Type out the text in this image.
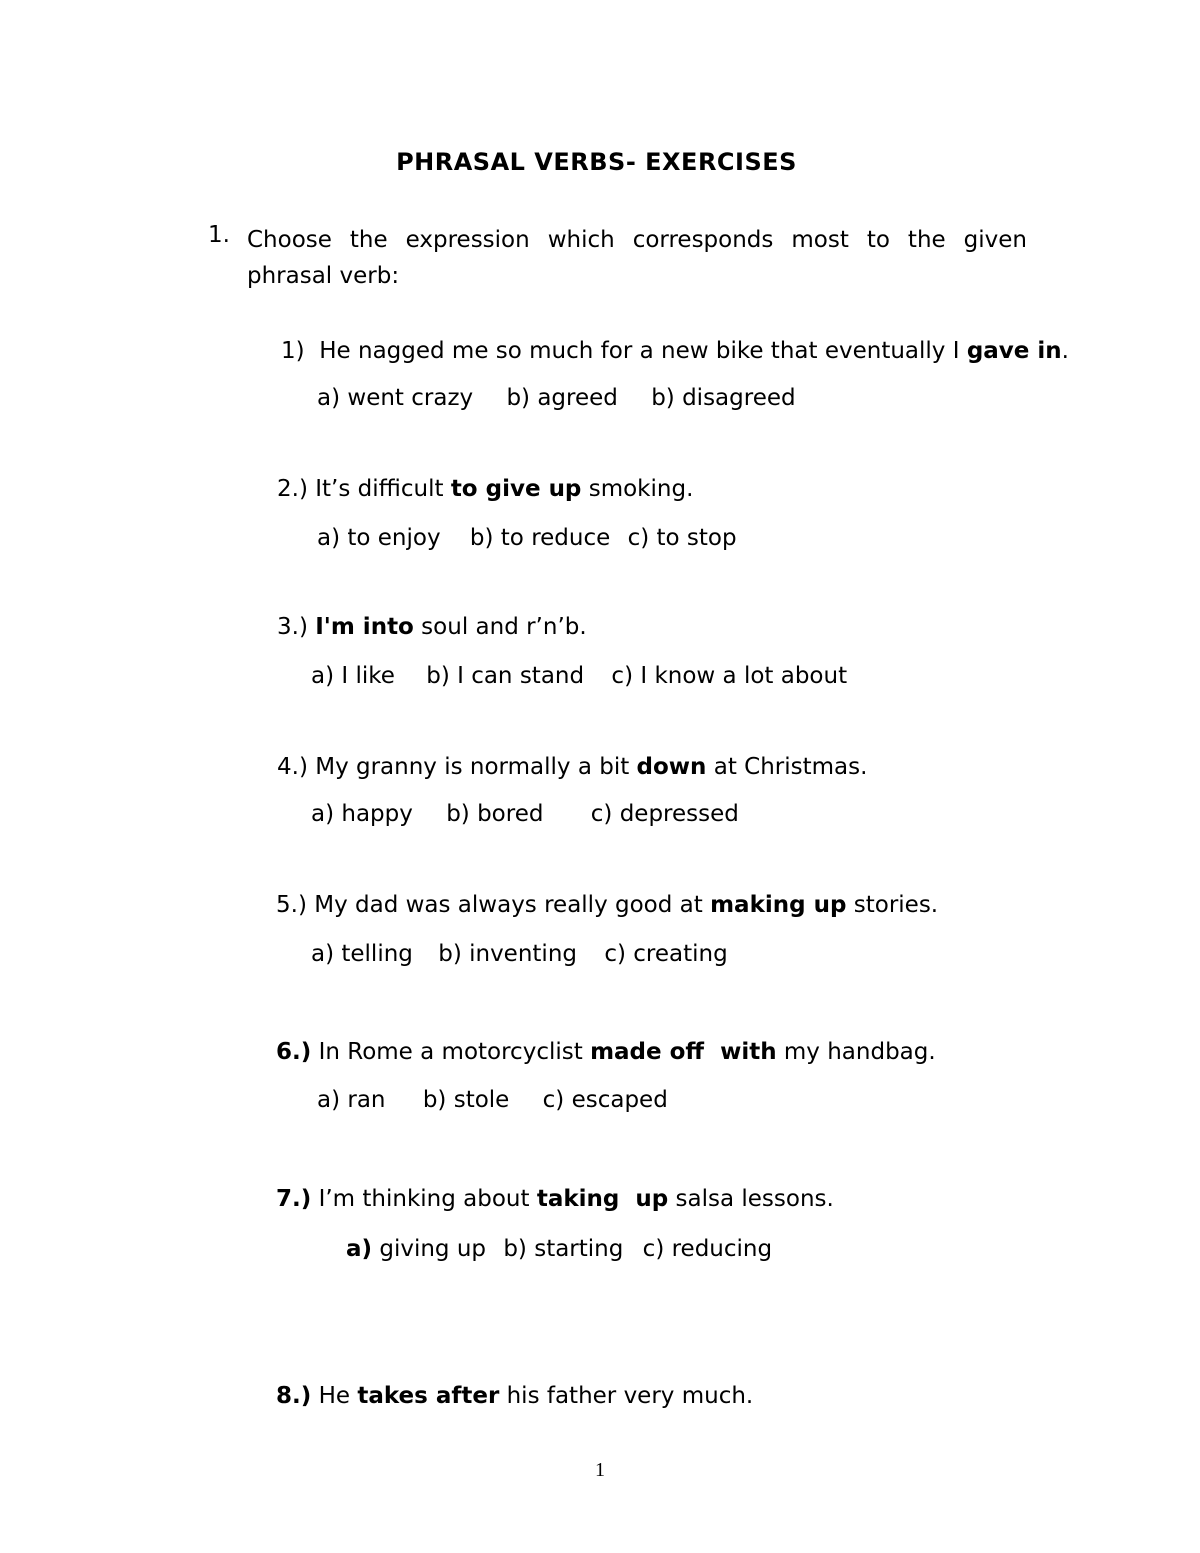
PHRASAL VERBS- EXERCISES
1. Choose the expression which corresponds most to the given phrasal verb:
1) He nagged me so much for a new bike that eventually I gave in.
a) went crazy b) agreed b) disagreed
2.) It’s difficult to give up smoking.
a) to enjoy b) to reduce c) to stop
3.) I'm into soul and r’n’b.
a) I like b) I can stand c) I know a lot about
4.) My granny is normally a bit down at Christmas.
a) happy b) bored c) depressed
5.) My dad was always really good at making up stories.
a) telling b) inventing c) creating
6.) In Rome a motorcyclist made off  with my handbag.
a) ran b) stole c) escaped
7.) I’m thinking about taking  up salsa lessons.
a) giving up b) starting c) reducing
8.) He takes after his father very much.
1
